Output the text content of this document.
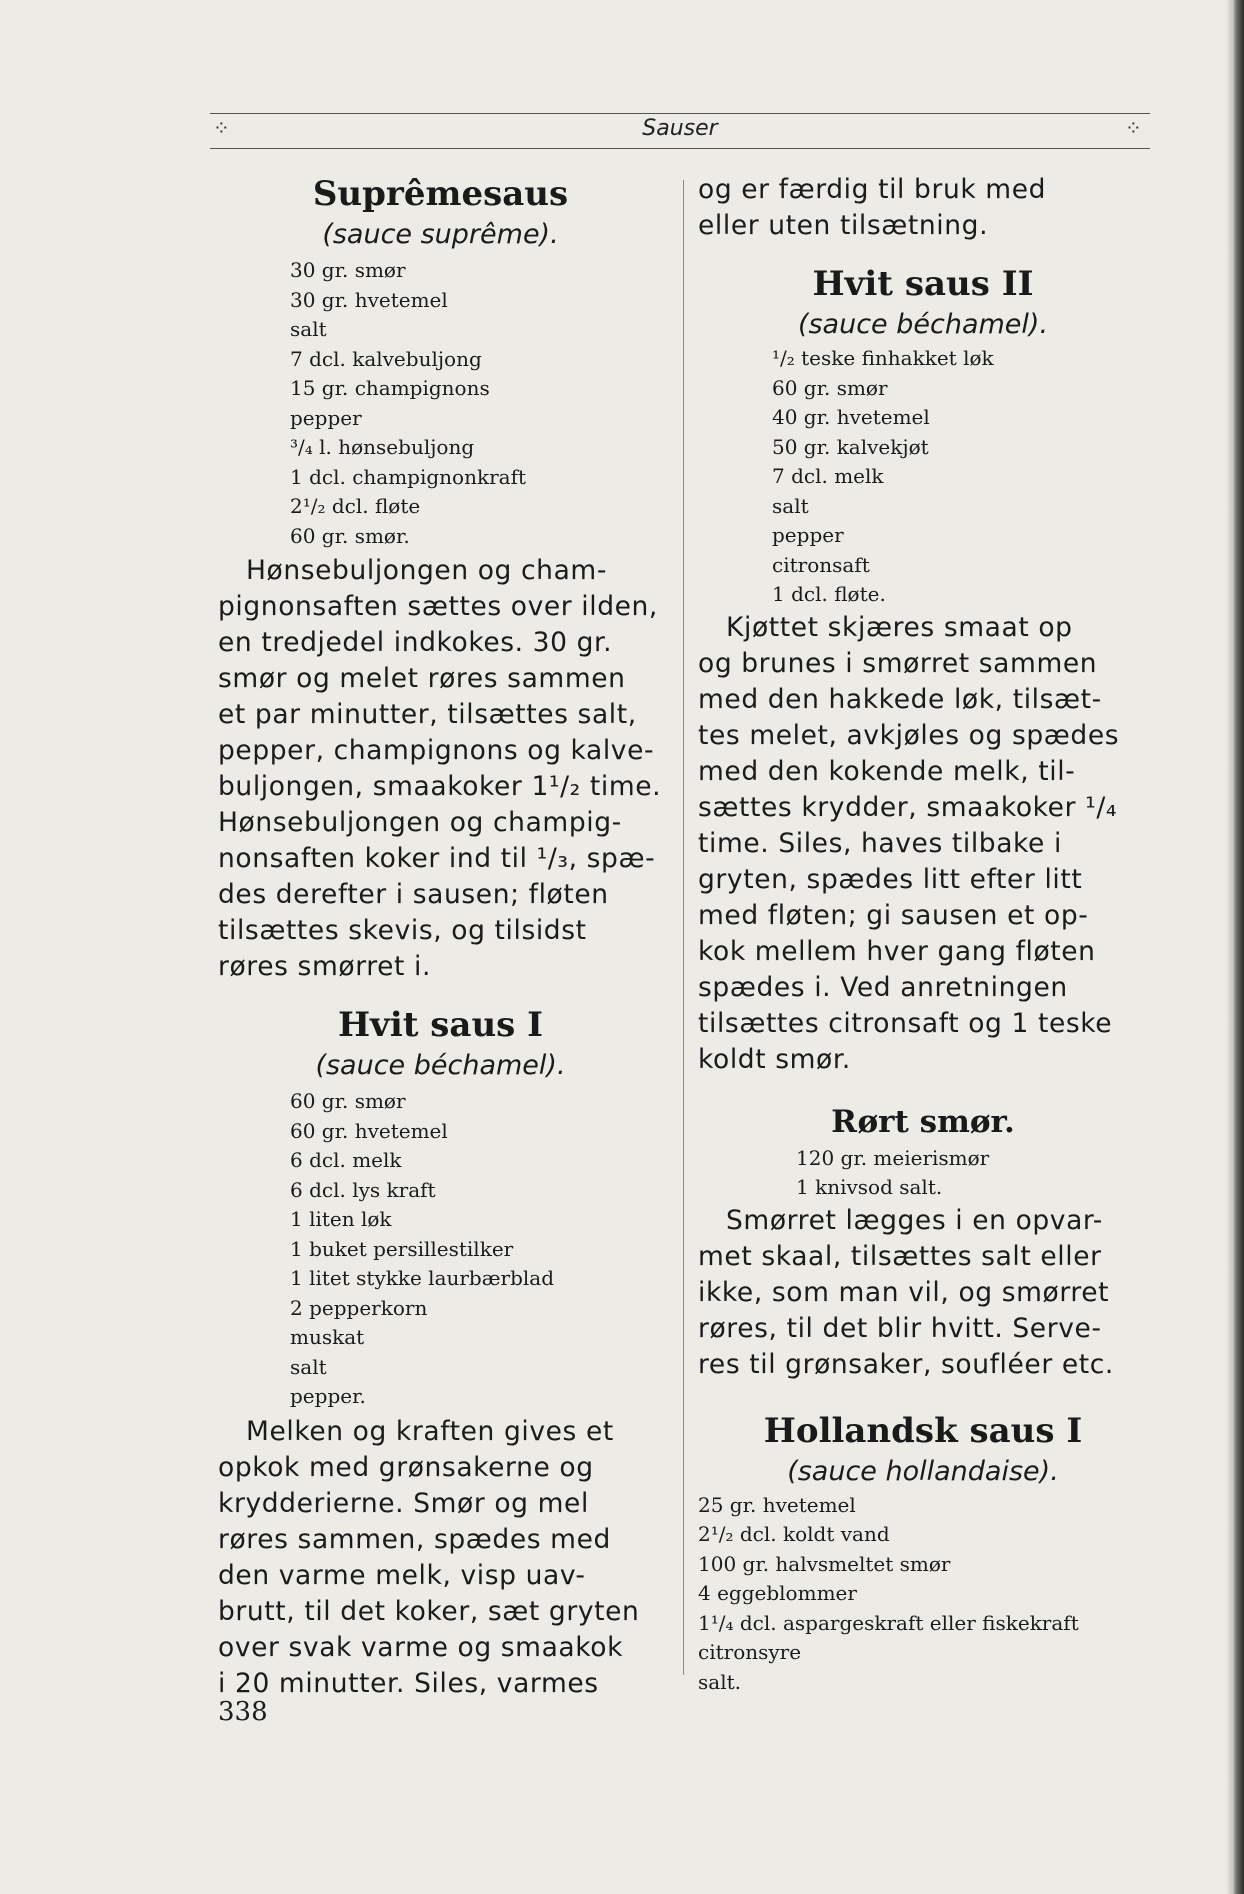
⁘	Sauser	⁘
Suprêmesaus

(sauce suprême).

30 gr. smør
30 gr. hvetemel
salt
7 dcl. kalvebuljong
15 gr. champignons
pepper
³/₄ l. hønsebuljong
1 dcl. champignonkraft
2¹/₂ dcl. fløte
60 gr. smør.
Hønsebuljongen og cham-
pignonsaften sættes over ilden,
en tredjedel indkokes. 30 gr.
smør og melet røres sammen
et par minutter, tilsættes salt,
pepper, champignons og kalve-
buljongen, smaakoker 1¹/₂ time.
Hønsebuljongen og champig-
nonsaften koker ind til ¹/₃, spæ-
des derefter i sausen; fløten
tilsættes skevis, og tilsidst
røres smørret i.
Hvit saus I

(sauce béchamel).

60 gr. smør
60 gr. hvetemel
6 dcl. melk
6 dcl. lys kraft
1 liten løk
1 buket persillestilker
1 litet stykke laurbærblad
2 pepperkorn
muskat
salt
pepper.
Melken og kraften gives et
opkok med grønsakerne og
krydderierne. Smør og mel
røres sammen, spædes med
den varme melk, visp uav-
brutt, til det koker, sæt gryten
over svak varme og smaakok
i 20 minutter. Siles, varmes
og er færdig til bruk med
eller uten tilsætning.
Hvit saus II

(sauce béchamel).

¹/₂ teske finhakket løk
60 gr. smør
40 gr. hvetemel
50 gr. kalvekjøt
7 dcl. melk
salt
pepper
citronsaft
1 dcl. fløte.
Kjøttet skjæres smaat op
og brunes i smørret sammen
med den hakkede løk, tilsæt-
tes melet, avkjøles og spædes
med den kokende melk, til-
sættes krydder, smaakoker ¹/₄
time. Siles, haves tilbake i
gryten, spædes litt efter litt
med fløten; gi sausen et op-
kok mellem hver gang fløten
spædes i. Ved anretningen
tilsættes citronsaft og 1 teske
koldt smør.
Rørt smør.
120 gr. meierismør
1 knivsod salt.
Smørret lægges i en opvar-
met skaal, tilsættes salt eller
ikke, som man vil, og smørret
røres, til det blir hvitt. Serve-
res til grønsaker, soufléer etc.
Hollandsk saus I

(sauce hollandaise).

25 gr. hvetemel
2¹/₂ dcl. koldt vand
100 gr. halvsmeltet smør
4 eggeblommer
1¹/₄ dcl. aspargeskraft eller fiskekraft
citronsyre
salt.
338
